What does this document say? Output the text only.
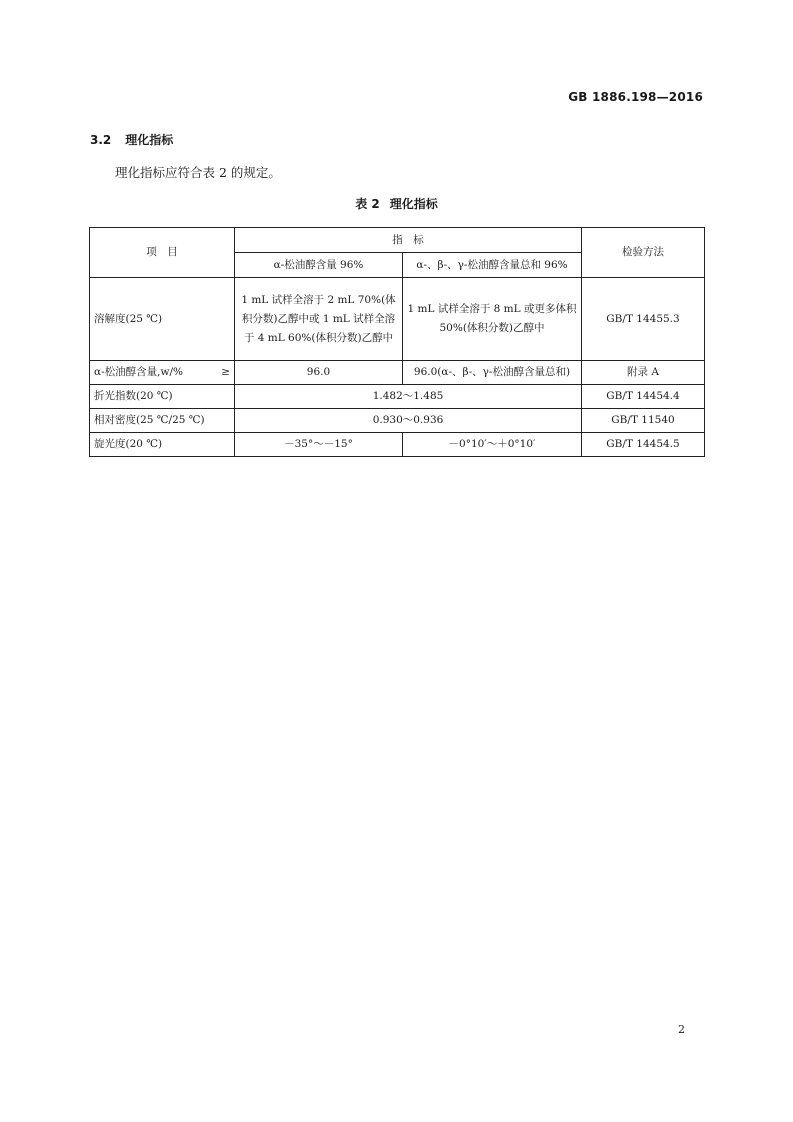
GB 1886.198—2016
3.2 理化指标
理化指标应符合表 2 的规定。
表 2 理化指标
项　目	指　标		检验方法
	α-松油醇含量 96%	α-、β-、γ-松油醇含量总和 96%	
溶解度(25 ℃)	1 mL 试样全溶于 2 mL 70%(体积分数)乙醇中或 1 mL 试样全溶于 4 mL 60%(体积分数)乙醇中	1 mL 试样全溶于 8 mL 或更多体积 50%(体积分数)乙醇中	GB/T 14455.3

α-松油醇含量,w/% ≥	96.0	96.0(α-、β-、γ-松油醇含量总和)	附录 A
折光指数(20 ℃)	1.482～1.485		GB/T 14454.4
相对密度(25 ℃/25 ℃)	0.930～0.936		GB/T 11540
旋光度(20 ℃)	－35°～－15°	－0°10′～＋0°10′	GB/T 14454.5
2
